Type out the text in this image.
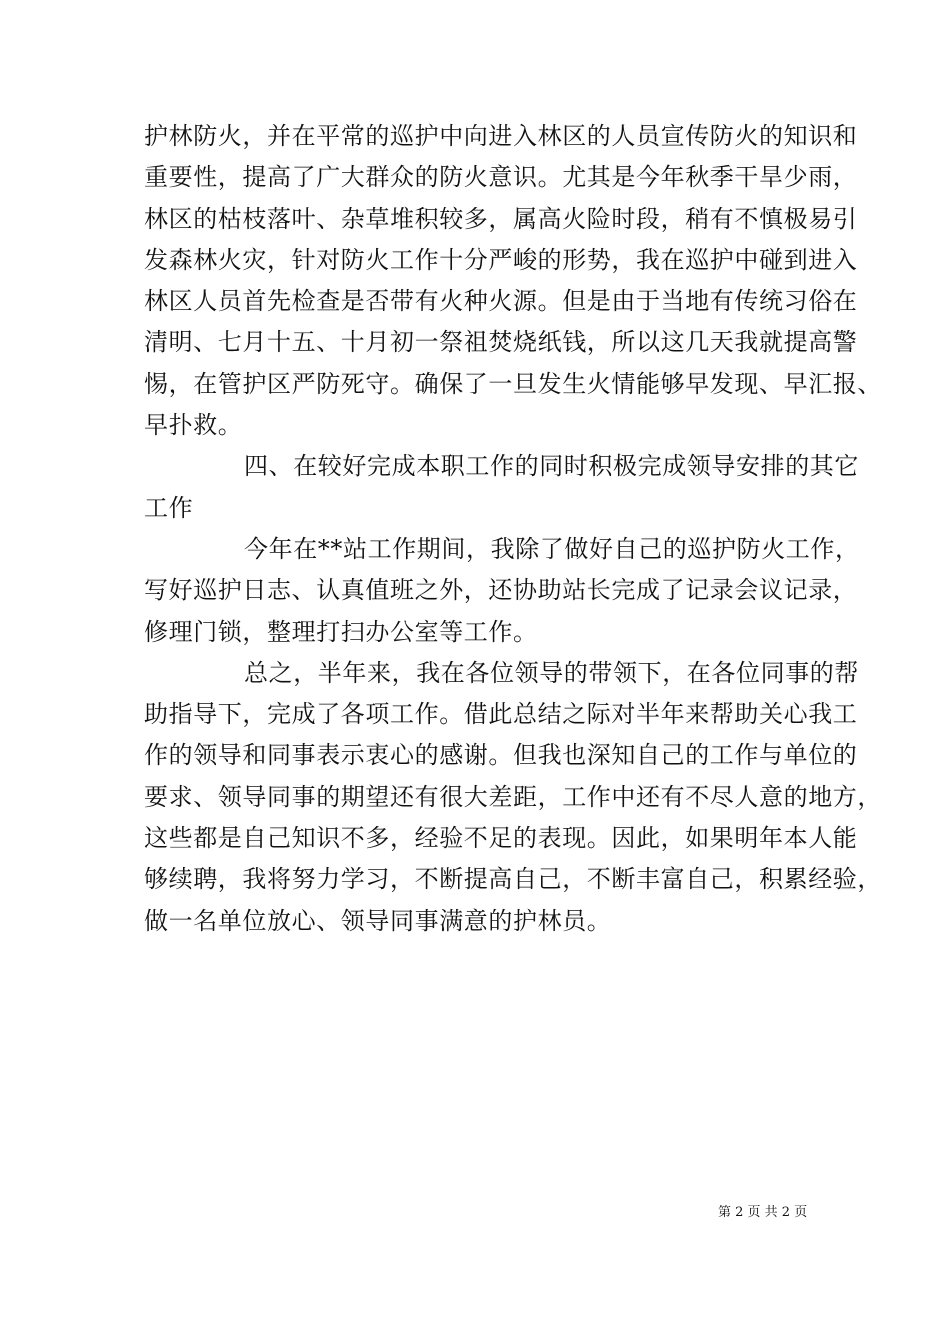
护林防火，并在平常的巡护中向进入林区的人员宣传防火的知识和
重要性，提高了广大群众的防火意识。尤其是今年秋季干旱少雨，
林区的枯枝落叶、杂草堆积较多，属高火险时段，稍有不慎极易引
发森林火灾，针对防火工作十分严峻的形势，我在巡护中碰到进入
林区人员首先检查是否带有火种火源。但是由于当地有传统习俗在
清明、七月十五、十月初一祭祖焚烧纸钱，所以这几天我就提高警
惕，在管护区严防死守。确保了一旦发生火情能够早发现、早汇报、
早扑救。
四、在较好完成本职工作的同时积极完成领导安排的其它
工作
今年在**站工作期间，我除了做好自己的巡护防火工作，
写好巡护日志、认真值班之外，还协助站长完成了记录会议记录，
修理门锁，整理打扫办公室等工作。
总之，半年来，我在各位领导的带领下，在各位同事的帮
助指导下，完成了各项工作。借此总结之际对半年来帮助关心我工
作的领导和同事表示衷心的感谢。但我也深知自己的工作与单位的
要求、领导同事的期望还有很大差距，工作中还有不尽人意的地方，
这些都是自己知识不多，经验不足的表现。因此，如果明年本人能
够续聘，我将努力学习，不断提高自己，不断丰富自己，积累经验，
做一名单位放心、领导同事满意的护林员。
第 2 页 共 2 页
